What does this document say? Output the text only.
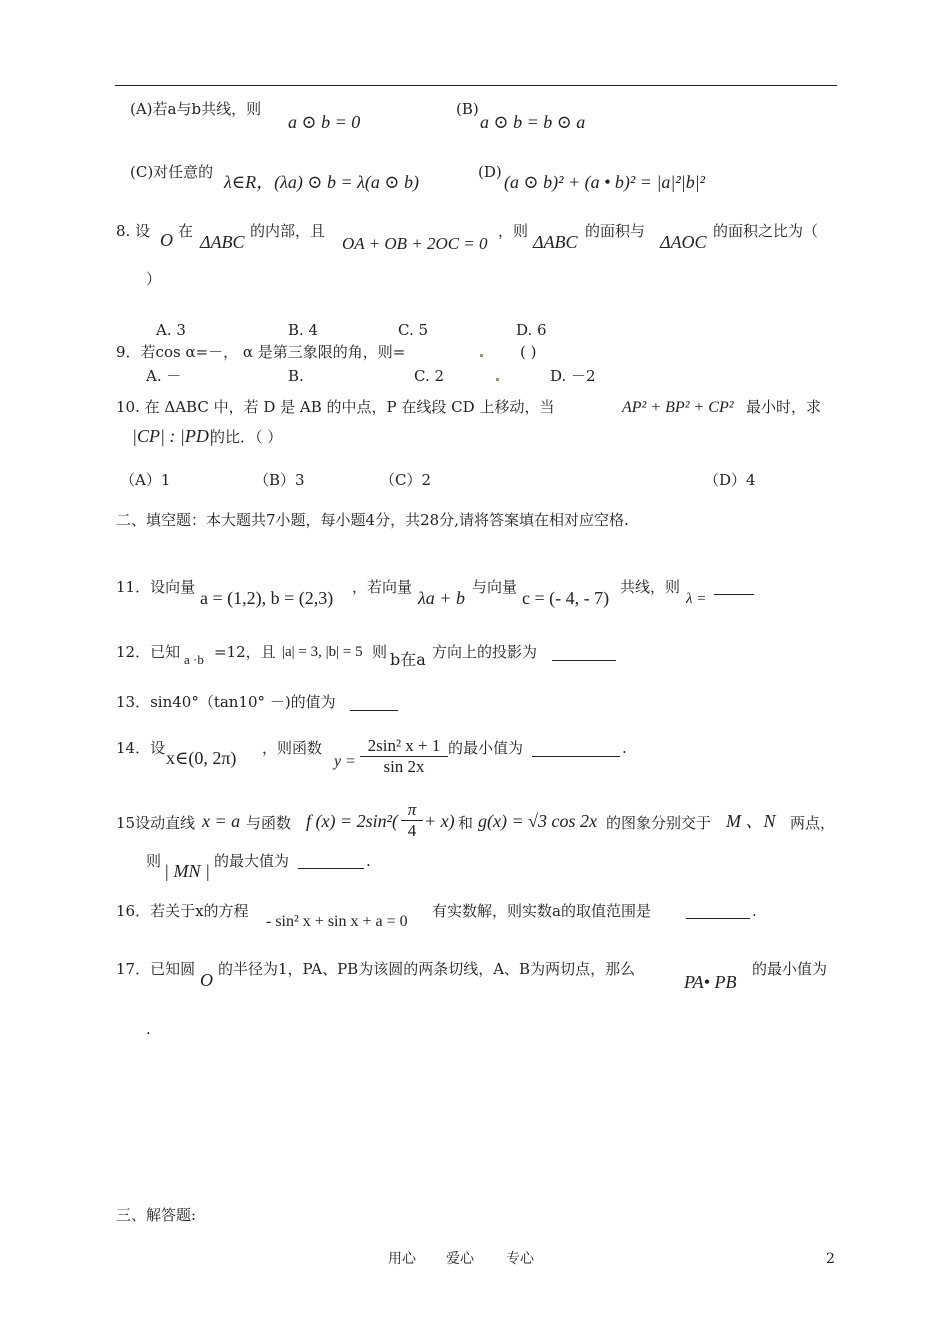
(A)若a与b共线，则
a ⊙ b = 0
(B)
a ⊙ b = b ⊙ a
(C)对任意的 λ∈R，(λa) ⊙ b = λ(a ⊙ b)	(D) (a ⊙ b)² + (a • b)² = |a|²|b|²
8. 设 O 在
ΔABC
的内部，且
OA + OB + 2OC = 0
，则
ΔABC
的面积与
ΔAOC
的面积之比为（
）
A. 3	B. 4	C. 5	D. 6
9．若cos α=－， α 是第三象限的角，则=	( )
A. －	B.	C. 2	D. －2
10. 在 ΔABC 中，若 D 是 AB 的中点，P 在线段 CD 上移动，当	AP² + BP² + CP² 最小时，求
|CP| : |PD|
的比．（ ）
（A）1	（B）3	（C）2	（D）4
二、填空题：本大题共7小题，每小题4分，共28分,请将答案填在相对应空格.
11．设向量
a = (1,2), b = (2,3)
，若向量
λa + b
与向量
c = (- 4, - 7)
共线，则
λ =
12．已知 a ·b =12，且 |a| = 3, |b| = 5 则 b在a 方向上的投影为
13．sin40°（tan10° －)的值为
14．设 x∈(0, 2π) ，则函数
$y = \frac{\text{2sin² x + 1}}{\sin 2x}$ 的最小值为	.
15设动直线 x = a 与函数 f $(x) = 2\sin^2( \frac{\pi}{4} + x)$ 和 g(x) = √3 cos 2x 的图象分别交于 M 、N 两点，
则 | MN | 的最大值为	.
16．若关于x的方程
- sin² x + sin x + a = 0
有实数解，则实数a的取值范围是	.
17．已知圆
O
的半径为1，PA、PB为该圆的两条切线，A、B为两切点，那么
PA• PB
的最小值为
.
三、解答题:
用心 爱心 专心	2
